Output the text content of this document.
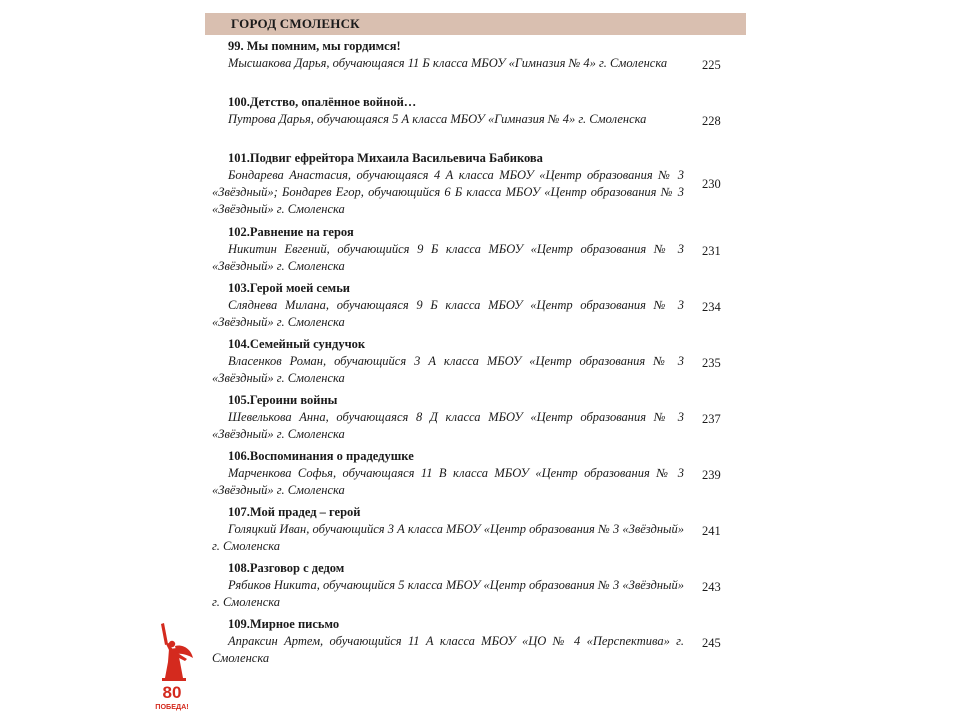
ГОРОД СМОЛЕНСК
99. Мы помним, мы гордимся!
Мысшакова Дарья, обучающаяся 11 Б класса МБОУ «Гимназия № 4» г. Смоленска	225
100.Детство, опалённое войной…
Путрова Дарья, обучающаяся 5 А класса МБОУ «Гимназия № 4» г. Смоленска	228
101.Подвиг ефрейтора Михаила Васильевича Бабикова
Бондарева Анастасия, обучающаяся 4 А класса МБОУ «Центр образования № 3 «Звёздный»; Бондарев Егор, обучающийся 6 Б класса МБОУ «Центр образования № 3 «Звёздный» г. Смоленска
230
102.Равнение на героя
Никитин Евгений, обучающийся 9 Б класса МБОУ «Центр образования № 3 «Звёздный» г. Смоленска
231
103.Герой моей семьи
Сляднева Милана, обучающаяся 9 Б класса МБОУ «Центр образования № 3 «Звёздный» г. Смоленска
234
104.Семейный сундучок
Власенков Роман, обучающийся 3 А класса МБОУ «Центр образования № 3 «Звёздный» г. Смоленска
235
105.Героини войны
Шевелькова Анна, обучающаяся 8 Д класса МБОУ «Центр образования № 3 «Звёздный» г. Смоленска
237
106.Воспоминания о прадедушке
Марченкова Софья, обучающаяся 11 В класса МБОУ «Центр образования № 3 «Звёздный» г. Смоленска
239
107.Мой прадед – герой
Голяцкий Иван, обучающийся 3 А класса МБОУ «Центр образования № 3 «Звёздный» г. Смоленска
241
108.Разговор с дедом
Рябиков Никита, обучающийся 5 класса МБОУ «Центр образования № 3 «Звёздный» г. Смоленска
243
109.Мирное письмо
Апраксин Артем, обучающийся 11 А класса МБОУ «ЦО № 4 «Перспектива» г. Смоленска
245
80
ПОБЕДА!
